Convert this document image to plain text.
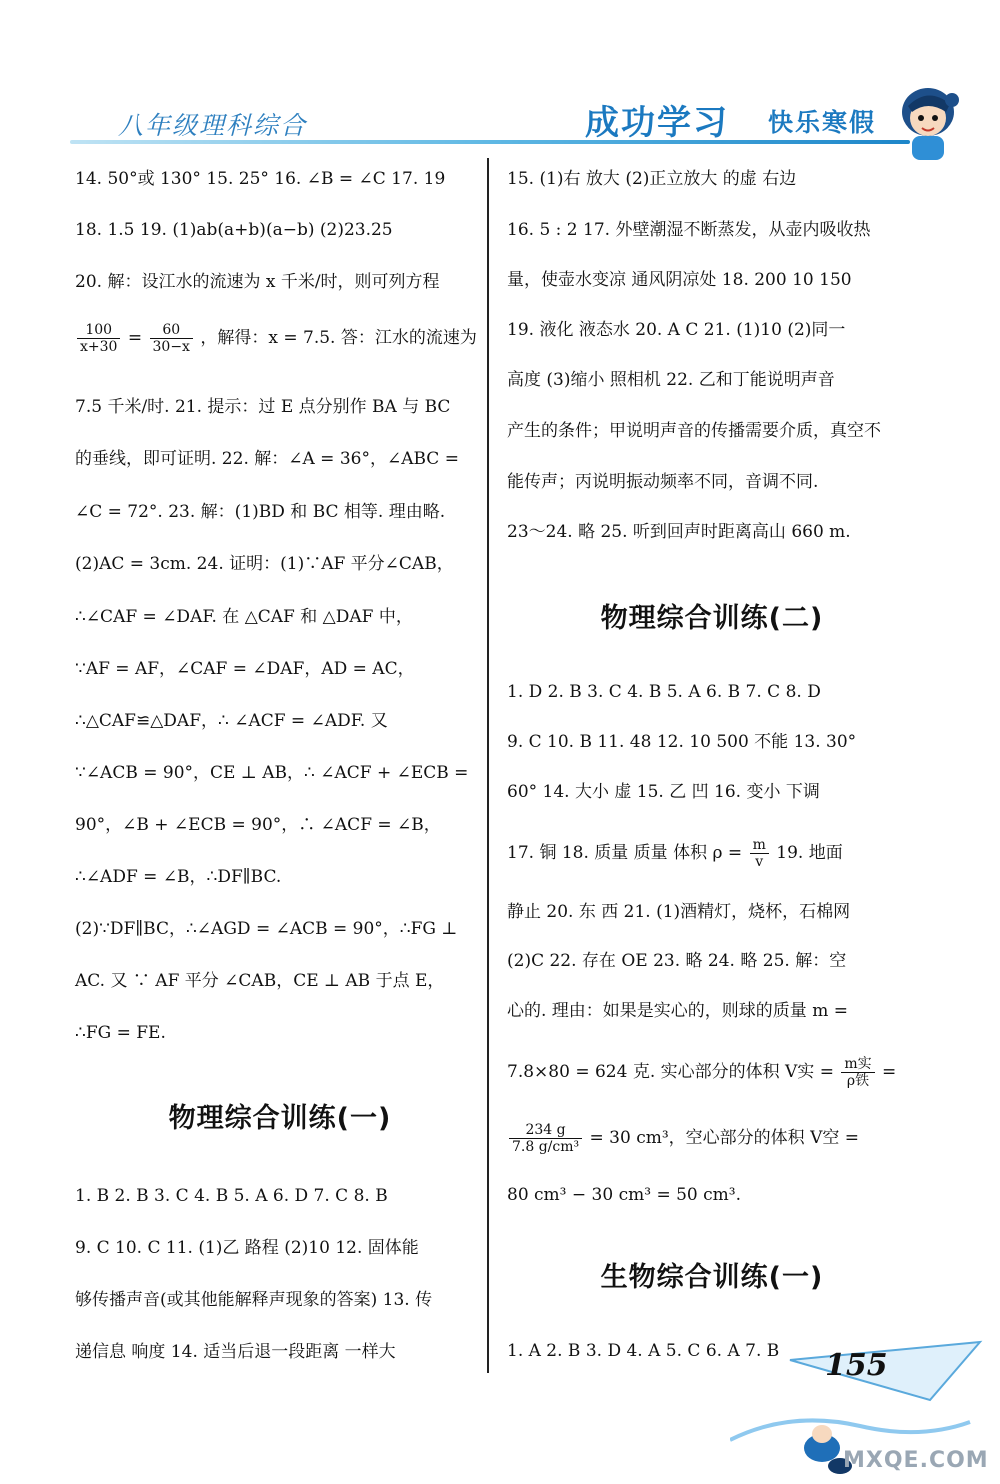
八年级理科综合	成功学习 快乐寒假
14. 50°或 130° 15. 25° 16. ∠B = ∠C 17. 19
18. 1.5 19. (1)ab(a+b)(a−b) (2)23.25
20. 解：设江水的流速为 x 千米/时，则可列方程
$\frac{100}{x+30} = \frac{60}{30-x}$ ，解得：x = 7.5. 答：江水的流速为
7.5 千米/时. 21. 提示：过 E 点分别作 BA 与 BC
的垂线，即可证明. 22. 解：∠A = 36°，∠ABC =
∠C = 72°. 23. 解：(1)BD 和 BC 相等. 理由略.
(2)AC = 3cm. 24. 证明：(1)∵AF 平分∠CAB，
∴∠CAF = ∠DAF. 在 △CAF 和 △DAF 中，
∵AF = AF，∠CAF = ∠DAF，AD = AC，
∴△CAF≌△DAF，∴ ∠ACF = ∠ADF. 又
∵∠ACB = 90°，CE ⊥ AB，∴ ∠ACF + ∠ECB =
90°，∠B + ∠ECB = 90°，∴ ∠ACF = ∠B，
∴∠ADF = ∠B，∴DF∥BC.
(2)∵DF∥BC，∴∠AGD = ∠ACB = 90°，∴FG ⊥
AC. 又 ∵ AF 平分 ∠CAB，CE ⊥ AB 于点 E，
∴FG = FE.
物理综合训练(一)
1. B 2. B 3. C 4. B 5. A 6. D 7. C 8. B
9. C 10. C 11. (1)乙 路程 (2)10 12. 固体能
够传播声音(或其他能解释声现象的答案) 13. 传
递信息 响度 14. 适当后退一段距离 一样大
15. (1)右 放大 (2)正立放大 的虚 右边
16. 5 : 2 17. 外壁潮湿不断蒸发，从壶内吸收热
量，使壶水变凉 通风阴凉处 18. 200 10 150
19. 液化 液态水 20. A C 21. (1)10 (2)同一
高度 (3)缩小 照相机 22. 乙和丁能说明声音
产生的条件；甲说明声音的传播需要介质，真空不
能传声；丙说明振动频率不同，音调不同.
23～24. 略 25. 听到回声时距离高山 660 m.
物理综合训练(二)
1. D 2. B 3. C 4. B 5. A 6. B 7. C 8. D
9. C 10. B 11. 48 12. 10 500 不能 13. 30°
60° 14. 大小 虚 15. 乙 凹 16. 变小 下调
17. 铜 18. 质量 质量 体积 $\rho = \frac{m}{v} 19$. 地面
静止 20. 东 西 21. (1)酒精灯，烧杯，石棉网
(2)C 22. 存在 OE 23. 略 24. 略 25. 解：空
心的. 理由：如果是实心的，则球的质量 m =
7.8×80 = 624 克. 实心部分的体积 V实 = $\frac{\text{m实}}{\text{ρ铁}}$ =
$\frac{234 g}{\text{7.8 g/cm³}} = 30$ cm³，空心部分的体积 V空 =
80 cm³ − 30 cm³ = 50 cm³.
生物综合训练(一)
1. A 2. B 3. D 4. A 5. C 6. A 7. B 155
MXQE.COM
